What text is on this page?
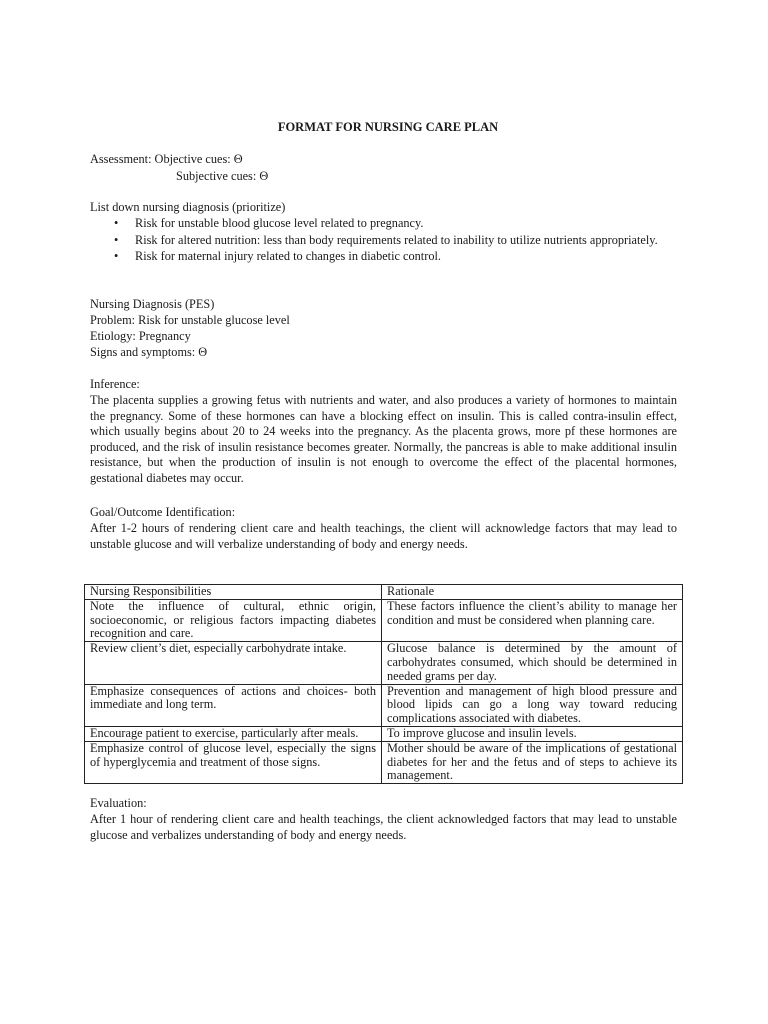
FORMAT FOR NURSING CARE PLAN
Assessment: Objective cues: Θ
Subjective cues: Θ
List down nursing diagnosis (prioritize)
• Risk for unstable blood glucose level related to pregnancy.
• Risk for altered nutrition: less than body requirements related to inability to utilize nutrients appropriately.
• Risk for maternal injury related to changes in diabetic control.
Nursing Diagnosis (PES)
Problem: Risk for unstable glucose level
Etiology: Pregnancy
Signs and symptoms: Θ
Inference:
The placenta supplies a growing fetus with nutrients and water, and also produces a variety of hormones to maintain the pregnancy. Some of these hormones can have a blocking effect on insulin. This is called contra-insulin effect, which usually begins about 20 to 24 weeks into the pregnancy. As the placenta grows, more pf these hormones are produced, and the risk of insulin resistance becomes greater. Normally, the pancreas is able to make additional insulin resistance, but when the production of insulin is not enough to overcome the effect of the placental hormones, gestational diabetes may occur.
Goal/Outcome Identification:
After 1-2 hours of rendering client care and health teachings, the client will acknowledge factors that may lead to unstable glucose and will verbalize understanding of body and energy needs.
Nursing Responsibilities	Rationale
Note the influence of cultural, ethnic origin, socioeconomic, or religious factors impacting diabetes recognition and care.	These factors influence the client’s ability to manage her condition and must be considered when planning care.
Review client’s diet, especially carbohydrate intake.	Glucose balance is determined by the amount of carbohydrates consumed, which should be determined in needed grams per day.
Emphasize consequences of actions and choices- both immediate and long term.	Prevention and management of high blood pressure and blood lipids can go a long way toward reducing complications associated with diabetes.
Encourage patient to exercise, particularly after meals.	To improve glucose and insulin levels.
Emphasize control of glucose level, especially the signs of hyperglycemia and treatment of those signs.	Mother should be aware of the implications of gestational diabetes for her and the fetus and of steps to achieve its management.
Evaluation:
After 1 hour of rendering client care and health teachings, the client acknowledged factors that may lead to unstable glucose and verbalizes understanding of body and energy needs.
